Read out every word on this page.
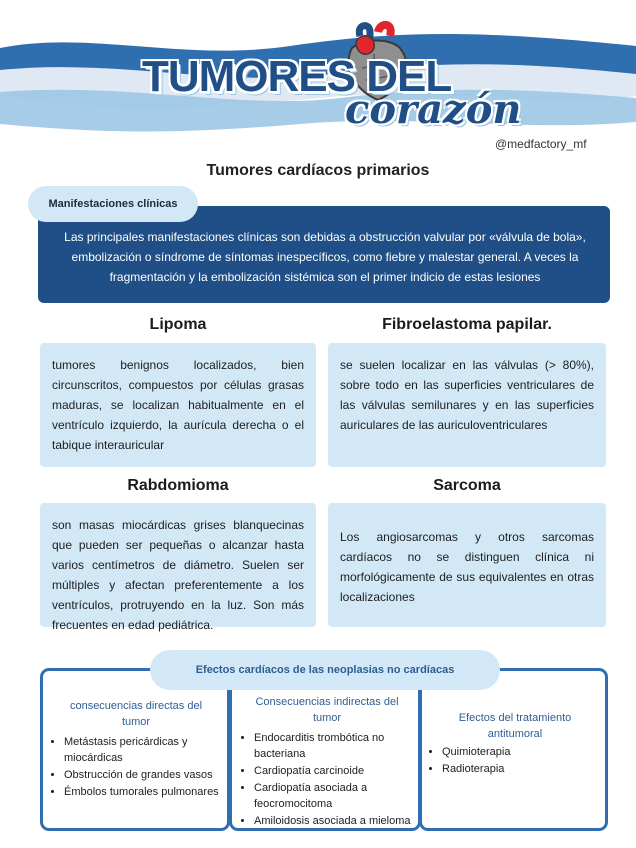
TUMORES DEL
corazón
@medfactory_mf
Tumores cardíacos primarios
Manifestaciones clínicas
Las principales manifestaciones clínicas son debidas a obstrucción valvular por «válvula de bola», embolización o síndrome de síntomas inespecíficos, como fiebre y malestar general. A veces la fragmentación y la embolización sistémica son el primer indicio de estas lesiones
Lipoma
tumores benignos localizados, bien circunscritos, compuestos por células grasas maduras, se localizan habitualmente en el ventrículo izquierdo, la aurícula derecha o el tabique interauricular
Fibroelastoma papilar.
se suelen localizar en las válvulas (> 80%), sobre todo en las superficies ventriculares de las válvulas semilunares y en las superficies auriculares de las auriculoventriculares
Rabdomioma
son masas miocárdicas grises blanquecinas que pueden ser pequeñas o alcanzar hasta varios centímetros de diámetro. Suelen ser múltiples y afectan preferentemente a los ventrículos, protruyendo en la luz. Son más frecuentes en edad pediátrica.
Sarcoma
Los angiosarcomas y otros sarcomas cardíacos no se distinguen clínica ni morfológicamente de sus equivalentes en otras localizaciones
Efectos cardíacos de las neoplasias no cardíacas
consecuencias directas del tumor
• Metástasis pericárdicas y miocárdicas
• Obstrucción de grandes vasos
• Émbolos tumorales pulmonares
Consecuencias indirectas del tumor
• Endocarditis trombótica no bacteriana
• Cardiopatía carcinoide
• Cardiopatía asociada a feocromocitoma
• Amiloidosis asociada a mieloma
Efectos del tratamiento antitumoral
• Quimioterapia
• Radioterapia
